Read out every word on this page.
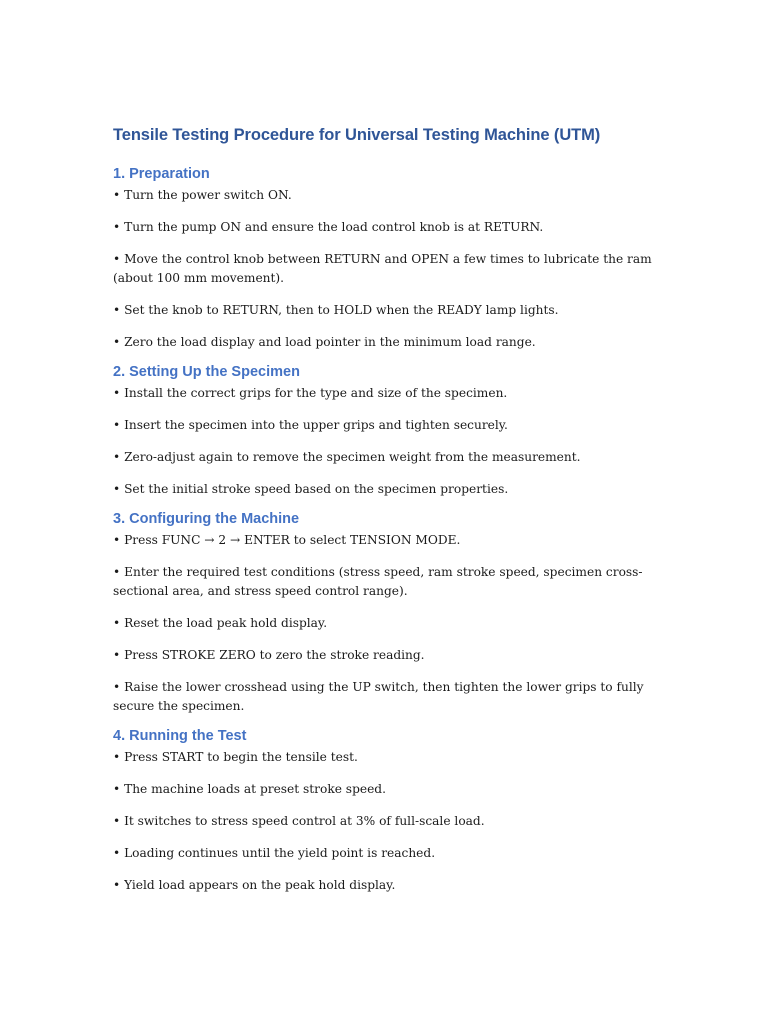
Tensile Testing Procedure for Universal Testing Machine (UTM)
1. Preparation
• Turn the power switch ON.
• Turn the pump ON and ensure the load control knob is at RETURN.
• Move the control knob between RETURN and OPEN a few times to lubricate the ram (about 100 mm movement).
• Set the knob to RETURN, then to HOLD when the READY lamp lights.
• Zero the load display and load pointer in the minimum load range.
2. Setting Up the Specimen
• Install the correct grips for the type and size of the specimen.
• Insert the specimen into the upper grips and tighten securely.
• Zero-adjust again to remove the specimen weight from the measurement.
• Set the initial stroke speed based on the specimen properties.
3. Configuring the Machine
• Press FUNC → 2 → ENTER to select TENSION MODE.
• Enter the required test conditions (stress speed, ram stroke speed, specimen cross-sectional area, and stress speed control range).
• Reset the load peak hold display.
• Press STROKE ZERO to zero the stroke reading.
• Raise the lower crosshead using the UP switch, then tighten the lower grips to fully secure the specimen.
4. Running the Test
• Press START to begin the tensile test.
• The machine loads at preset stroke speed.
• It switches to stress speed control at 3% of full-scale load.
• Loading continues until the yield point is reached.
• Yield load appears on the peak hold display.
